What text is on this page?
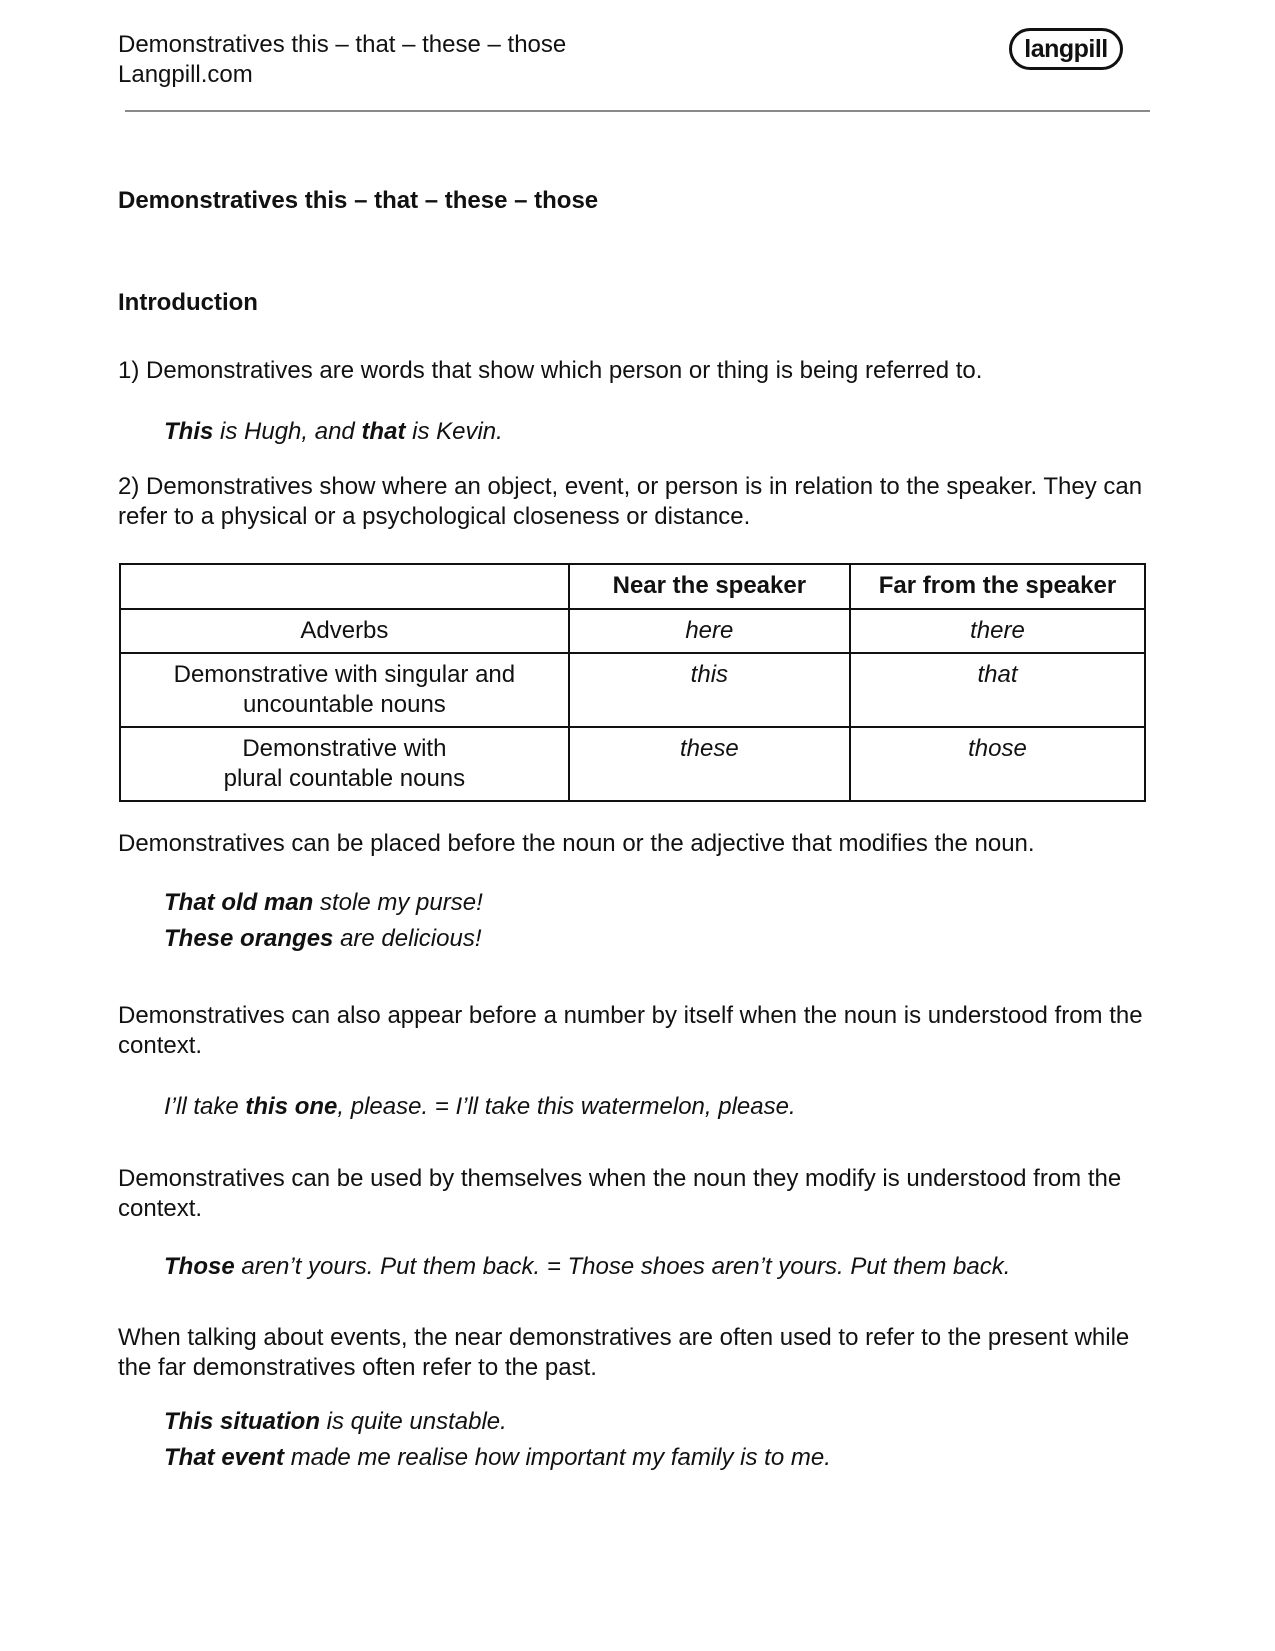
Demonstratives this – that – these – those
Langpill.com
langpill
Demonstratives this – that – these – those
Introduction
1) Demonstratives are words that show which person or thing is being referred to.
This is Hugh, and that is Kevin.
2) Demonstratives show where an object, event, or person is in relation to the speaker. They can refer to a physical or a psychological closeness or distance.
	Near the speaker	Far from the speaker
Adverbs	here	there
Demonstrative with singular and uncountable nouns	this	that

Demonstrative with
plural countable nouns	these	those
Demonstratives can be placed before the noun or the adjective that modifies the noun.
That old man stole my purse!
These oranges are delicious!
Demonstratives can also appear before a number by itself when the noun is understood from the context.
I’ll take this one, please. = I’ll take this watermelon, please.
Demonstratives can be used by themselves when the noun they modify is understood from the context.
Those aren’t yours. Put them back. = Those shoes aren’t yours. Put them back.
When talking about events, the near demonstratives are often used to refer to the present while the far demonstratives often refer to the past.
This situation is quite unstable.
That event made me realise how important my family is to me.
